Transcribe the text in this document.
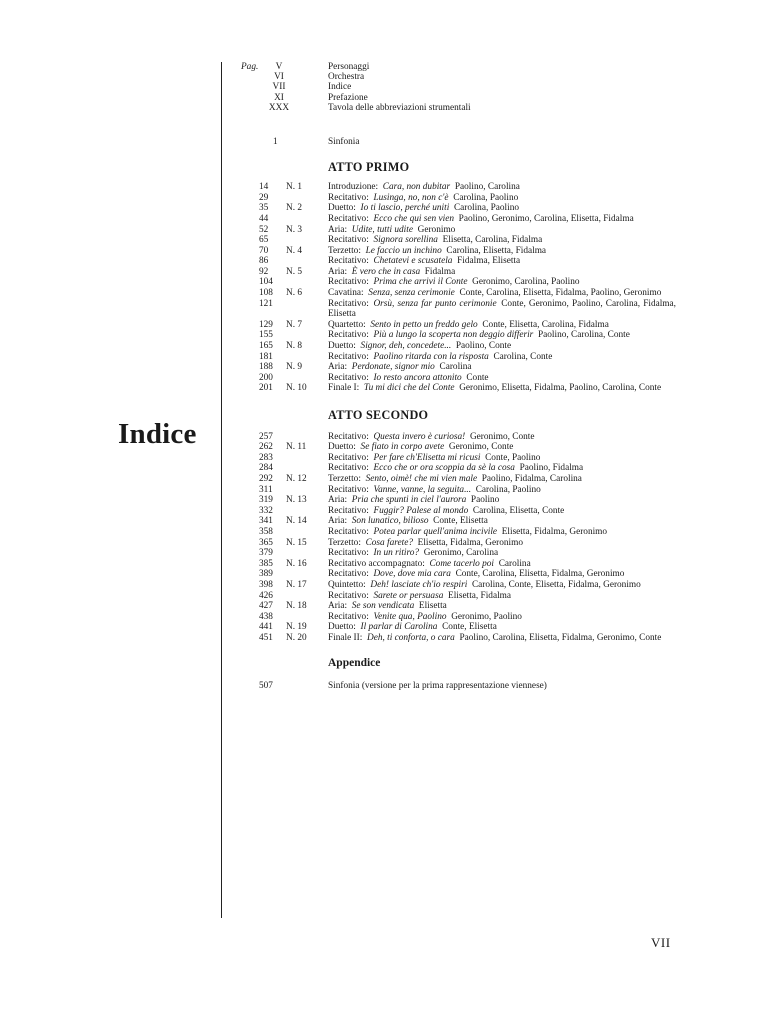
Indice
Pag.	V	Personaggi
VI	Orchestra
VII	Indice
XI	Prefazione
XXX	Tavola delle abbreviazioni strumentali
1	Sinfonia
ATTO PRIMO
14 N. 1	Introduzione:  Cara, non dubitar  Paolino, Carolina
29	Recitativo:  Lusinga, no, non c'è  Carolina, Paolino
35 N. 2	Duetto:  Io ti lascio, perché uniti  Carolina, Paolino
44	Recitativo:  Ecco che qui sen vien  Paolino, Geronimo, Carolina, Elisetta, Fidalma
52 N. 3	Aria:  Udite, tutti udite  Geronimo
65	Recitativo:  Signora sorellina  Elisetta, Carolina, Fidalma
70 N. 4	Terzetto:  Le faccio un inchino  Carolina, Elisetta, Fidalma
86	Recitativo:  Chetatevi e scusatela  Fidalma, Elisetta
92 N. 5	Aria:  È vero che in casa  Fidalma
104	Recitativo:  Prima che arrivi il Conte  Geronimo, Carolina, Paolino
108 N. 6	Cavatina:  Senza, senza cerimonie  Conte, Carolina, Elisetta, Fidalma, Paolino, Geronimo
121	Recitativo:  Orsù, senza far punto cerimonie  Conte, Geronimo, Paolino, Carolina, Fidalma, Elisetta
129 N. 7	Quartetto:  Sento in petto un freddo gelo  Conte, Elisetta, Carolina, Fidalma
155	Recitativo:  Più a lungo la scoperta non deggio differir  Paolino, Carolina, Conte
165 N. 8	Duetto:  Signor, deh, concedete...  Paolino, Conte
181	Recitativo:  Paolino ritarda con la risposta  Carolina, Conte
188 N. 9	Aria:  Perdonate, signor mio  Carolina
200	Recitativo:  Io resto ancora attonito  Conte
201 N. 10 Finale I:  Tu mi dici che del Conte  Geronimo, Elisetta, Fidalma, Paolino, Carolina, Conte
ATTO SECONDO
257	Recitativo:  Questa invero è curiosa!  Geronimo, Conte
262 N. 11 Duetto:  Se fiato in corpo avete  Geronimo, Conte
283	Recitativo:  Per fare ch'Elisetta mi ricusi  Conte, Paolino
284	Recitativo:  Ecco che or ora scoppia da sè la cosa  Paolino, Fidalma
292 N. 12 Terzetto:  Sento, oimè! che mi vien male  Paolino, Fidalma, Carolina
311	Recitativo:  Vanne, vanne, la seguita...  Carolina, Paolino
319 N. 13 Aria:  Pria che spunti in ciel l'aurora  Paolino
332	Recitativo:  Fuggir? Palese al mondo  Carolina, Elisetta, Conte
341 N. 14 Aria:  Son lunatico, bilioso  Conte, Elisetta
358	Recitativo:  Potea parlar quell'anima incivile  Elisetta, Fidalma, Geronimo
365 N. 15 Terzetto:  Cosa farete?  Elisetta, Fidalma, Geronimo
379	Recitativo:  In un ritiro?  Geronimo, Carolina
385 N. 16 Recitativo accompagnato:  Come tacerlo poi  Carolina
389	Recitativo:  Dove, dove mia cara  Conte, Carolina, Elisetta, Fidalma, Geronimo
398 N. 17 Quintetto:  Deh! lasciate ch'io respiri  Carolina, Conte, Elisetta, Fidalma, Geronimo
426	Recitativo:  Sarete or persuasa  Elisetta, Fidalma
427 N. 18 Aria:  Se son vendicata  Elisetta
438	Recitativo:  Venite qua, Paolino  Geronimo, Paolino
441 N. 19 Duetto:  Il parlar di Carolina  Conte, Elisetta
451 N. 20 Finale II:  Deh, ti conforta, o cara  Paolino, Carolina, Elisetta, Fidalma, Geronimo, Conte
Appendice
507	Sinfonia (versione per la prima rappresentazione viennese)
VII
